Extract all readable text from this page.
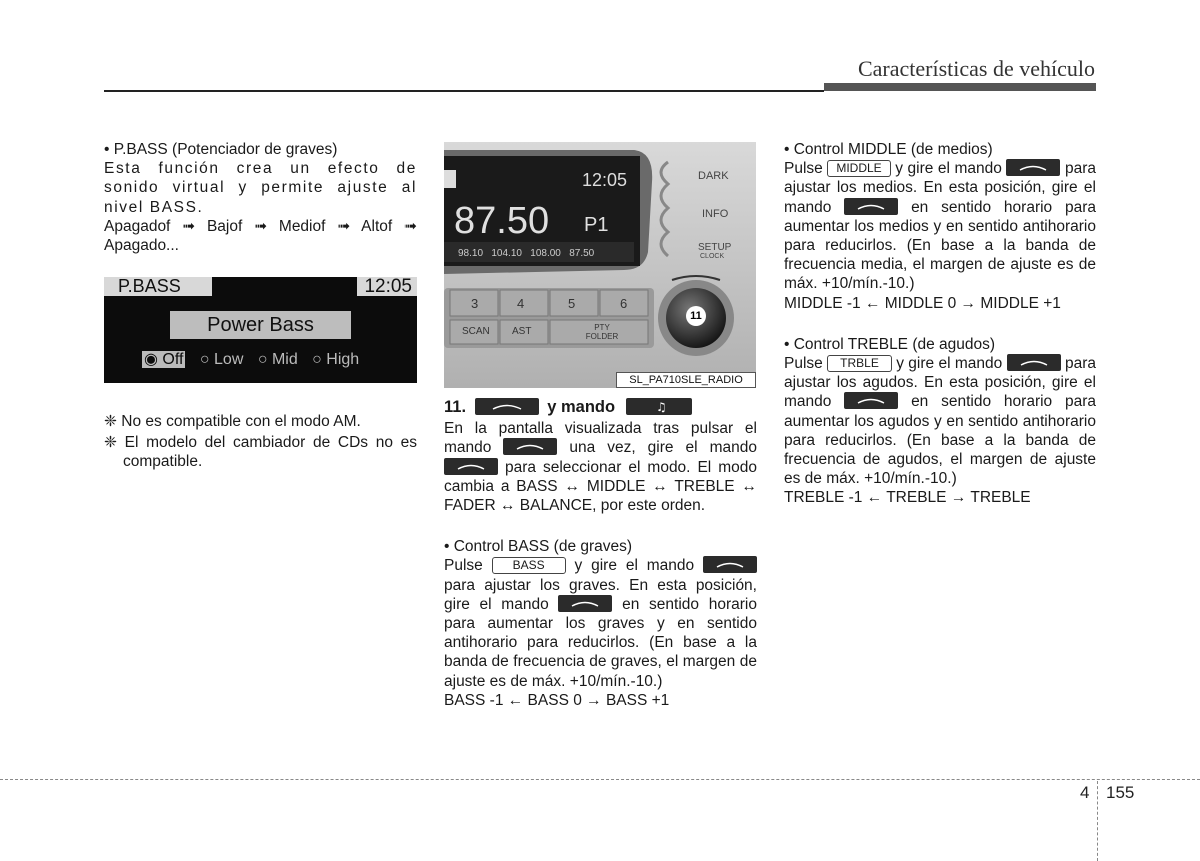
Características de vehículo

• P.BASS (Potenciador de graves)

Esta función crea un efecto de sonido virtual y permite ajuste al nivel BASS.

Apagadof ➟ Bajof ➟ Mediof ➟ Altof ➟ Apagado...

P.BASS	12:05
Power Bass
◉ Off ○ Low ○ Mid ○ High

❈ No es compatible con el modo AM.

❈ El modelo del cambiador de CDs no es compatible.

12:05
87.50 P1
98.10   104.10   108.00   87.50
DARK
INFO
SETUP
CLOCK
3	4	5	6
SCAN AST	PTY FOLDER
11
SL_PA710SLE_RADIO

11.	y mando	♫

En la pantalla visualizada tras pulsar el mando	una vez, gire el mando
para seleccionar el modo. El modo cambia a BASS ↔ MIDDLE ↔ TREBLE ↔ FADER ↔ BALANCE, por este orden.

• Control BASS (de graves)

Pulse BASS y gire el mando
para ajustar los graves. En esta posición, gire el mando	en sentido horario para aumentar los graves y en sentido antihorario para reducirlos. (En base a la banda de frecuencia de graves, el margen de ajuste es de máx. +10/mín.-10.)

BASS -1 ← BASS 0 → BASS +1

• Control MIDDLE (de medios)

Pulse MIDDLE y gire el mando	para ajustar los medios. En esta posición, gire el mando	en sentido horario para aumentar los medios y en sentido antihorario para reducirlos. (En base a la banda de frecuencia media, el margen de ajuste es de máx. +10/mín.-10.)

MIDDLE -1 ← MIDDLE 0 → MIDDLE +1

• Control TREBLE (de agudos)

Pulse TRBLE y gire el mando	para ajustar los agudos. En esta posición, gire el mando	en sentido horario para aumentar los agudos y en sentido antihorario para reducirlos. (En base a la banda de frecuencia de agudos, el margen de ajuste es de máx. +10/mín.-10.)

TREBLE -1 ← TREBLE → TREBLE

4 155
